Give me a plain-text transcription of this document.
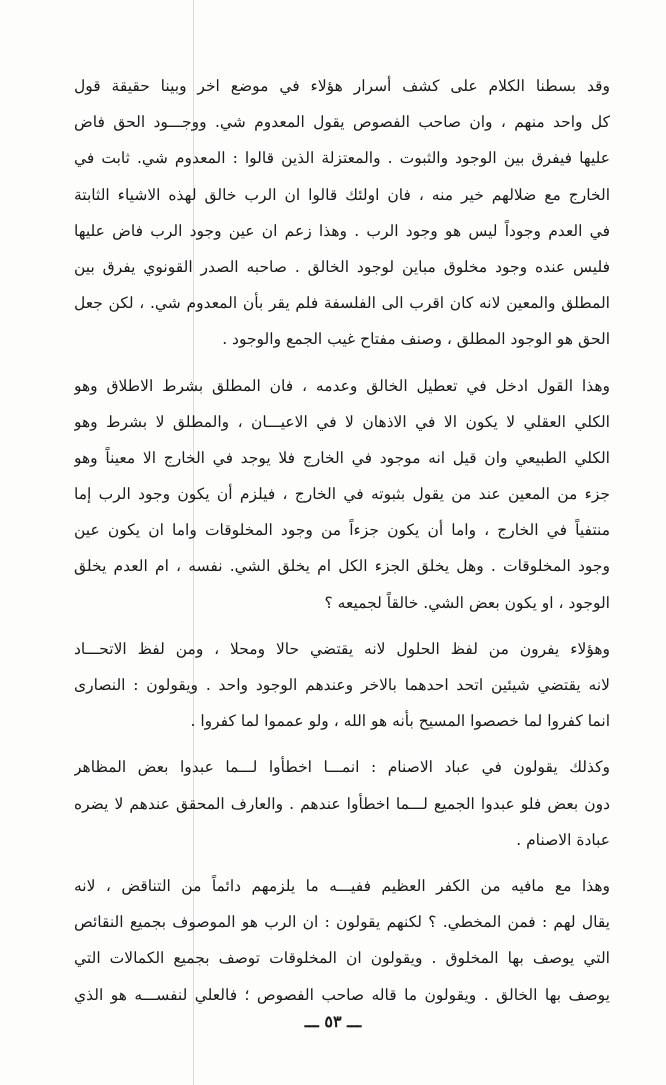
وقد بسطنا الكلام على كشف أسرار هؤلاء في موضع اخر وبينا حقيقة قول
كل واحد منهم ، وان صاحب الفصوص يقول المعدوم شي. ووجـــود الحق فاض
عليها فيفرق بين الوجود والثبوت . والمعتزلة الذين قالوا : المعدوم شي. ثابت في
الخارج مع ضلالهم خير منه ، فان اولئك قالوا ان الرب خالق لهذه الاشياء الثابتة
في العدم وجوداً ليس هو وجود الرب . وهذا زعم ان عين وجود الرب فاض عليها
فليس عنده وجود مخلوق مباين لوجود الخالق . صاحبه الصدر القونوي يفرق بين
المطلق والمعين لانه كان اقرب الى الفلسفة فلم يقر بأن المعدوم شي. ، لكن جعل
الحق هو الوجود المطلق ، وصنف مفتاح غيب الجمع والوجود .
وهذا القول ادخل في تعطيل الخالق وعدمه ، فان المطلق بشرط الاطلاق وهو
الكلي العقلي لا يكون الا في الاذهان لا في الاعيـــان ، والمطلق لا بشرط وهو
الكلي الطبيعي وان قيل انه موجود في الخارج فلا يوجد في الخارج الا معيناً وهو
جزء من المعين عند من يقول بثبوته في الخارج ، فيلزم أن يكون وجود الرب إما
منتفياً في الخارج ، واما أن يكون جزءاً من وجود المخلوقات واما ان يكون عين
وجود المخلوقات . وهل يخلق الجزء الكل ام يخلق الشي. نفسه ، ام العدم يخلق
الوجود ، او يكون بعض الشي. خالقاً لجميعه ؟
وهؤلاء يفرون من لفظ الحلول لانه يقتضي حالا ومحلا ، ومن لفظ الاتحـــاد
لانه يقتضي شيئين اتحد احدهما بالاخر وعندهم الوجود واحد . ويقولون : النصارى
انما كفروا لما خصصوا المسيح بأنه هو الله ، ولو عمموا لما كفروا .
وكذلك يقولون في عباد الاصنام : انمـــا اخطأوا لـــما عبدوا بعض المظاهر
دون بعض فلو عبدوا الجميع لـــما اخطأوا عندهم . والعارف المحقق عندهم لا يضره
عبادة الاصنام .
وهذا مع مافيه من الكفر العظيم ففيـــه ما يلزمهم دائماً من التناقض ، لانه
يقال لهم : فمن المخطي. ؟ لكنهم يقولون : ان الرب هو الموصوف بجميع النقائص
التي يوصف بها المخلوق . ويقولون ان المخلوقات توصف بجميع الكمالات التي
يوصف بها الخالق . ويقولون ما قاله صاحب الفصوص ؛ فالعلي لنفســـه هو الذي
ـــ ٥٣ ـــ
